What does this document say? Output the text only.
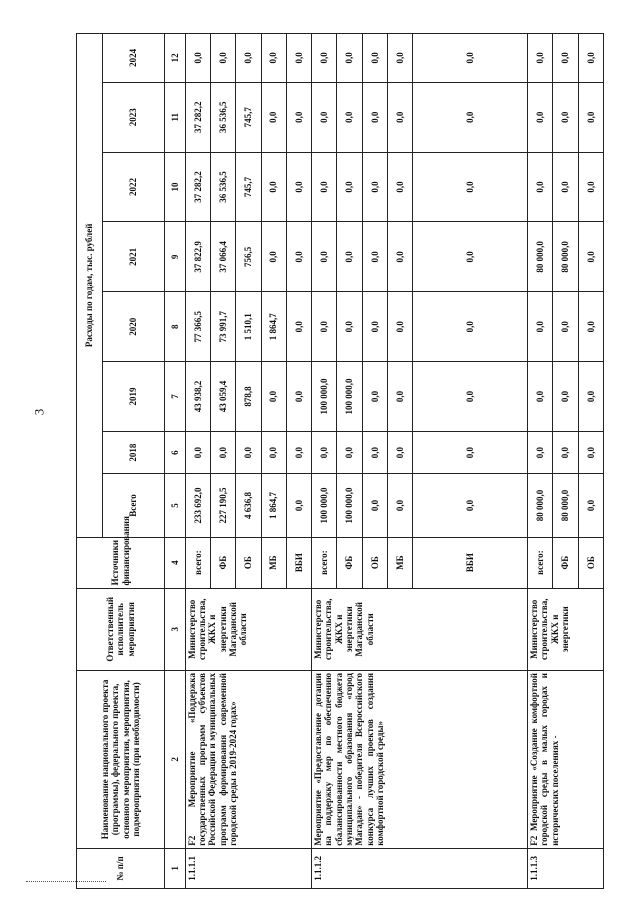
3
№ п/п	Наименование национального проекта (программы), федерального проекта, основного мероприятия, мероприятия, подмероприятия (при необходимости)	Ответственный исполнитель мероприятия	Источники финансирования	Расходы по годам, тыс. рублей							
				Всего	2018	2019	2020	2021	2022	2023	2024
1	2	3	4	5	6	7	8	9	10	11	12
1.1.1.1	F2 Мероприятие «Поддержка государственных программ субъектов Российской Федерации и муниципальных программ формирования современной городской среды в 2019-2024 годах»	Министерство строительства, ЖКХ и энергетики Магаданской области	всего:	233 692,0	0,0	43 938,2	77 366,5	37 822,9	37 282,2	37 282,2	0,0
			ФБ	227 190,5	0,0	43 059,4	73 991,7	37 066,4	36 536,5	36 536,5	0,0
			ОБ	4 636,8	0,0	878,8	1 510,1	756,5	745,7	745,7	0,0
			МБ	1 864,7	0,0	0,0	1 864,7	0,0	0,0	0,0	0,0
			ВБИ	0,0	0,0	0,0	0,0	0,0	0,0	0,0	0,0
1.1.1.2	Мероприятие «Предоставление дотации на поддержку мер по обеспечению сбалансированности местного бюджета муниципального образования «город Магадан» - победителя Всероссийского конкурса лучших проектов создания комфортной городской среды»	Министерство строительства, ЖКХ и энергетики Магаданской области	всего:	100 000,0	0,0	100 000,0	0,0	0,0	0,0	0,0	0,0
			ФБ	100 000,0	0,0	100 000,0	0,0	0,0	0,0	0,0	0,0
			ОБ	0,0	0,0	0,0	0,0	0,0	0,0	0,0	0,0
			МБ	0,0	0,0	0,0	0,0	0,0	0,0	0,0	0,0
			ВБИ	0,0	0,0	0,0	0,0	0,0	0,0	0,0	0,0
1.1.1.3	F2 Мероприятие «Создание комфортной городской среды в малых городах и исторических поселениях -	Министерство строительства, ЖКХ и энергетики	всего:	80 000,0	0,0	0,0	0,0	80 000,0	0,0	0,0	0,0
			ФБ	80 000,0	0,0	0,0	0,0	80 000,0	0,0	0,0	0,0
			ОБ	0,0	0,0	0,0	0,0	0,0	0,0	0,0	0,0
